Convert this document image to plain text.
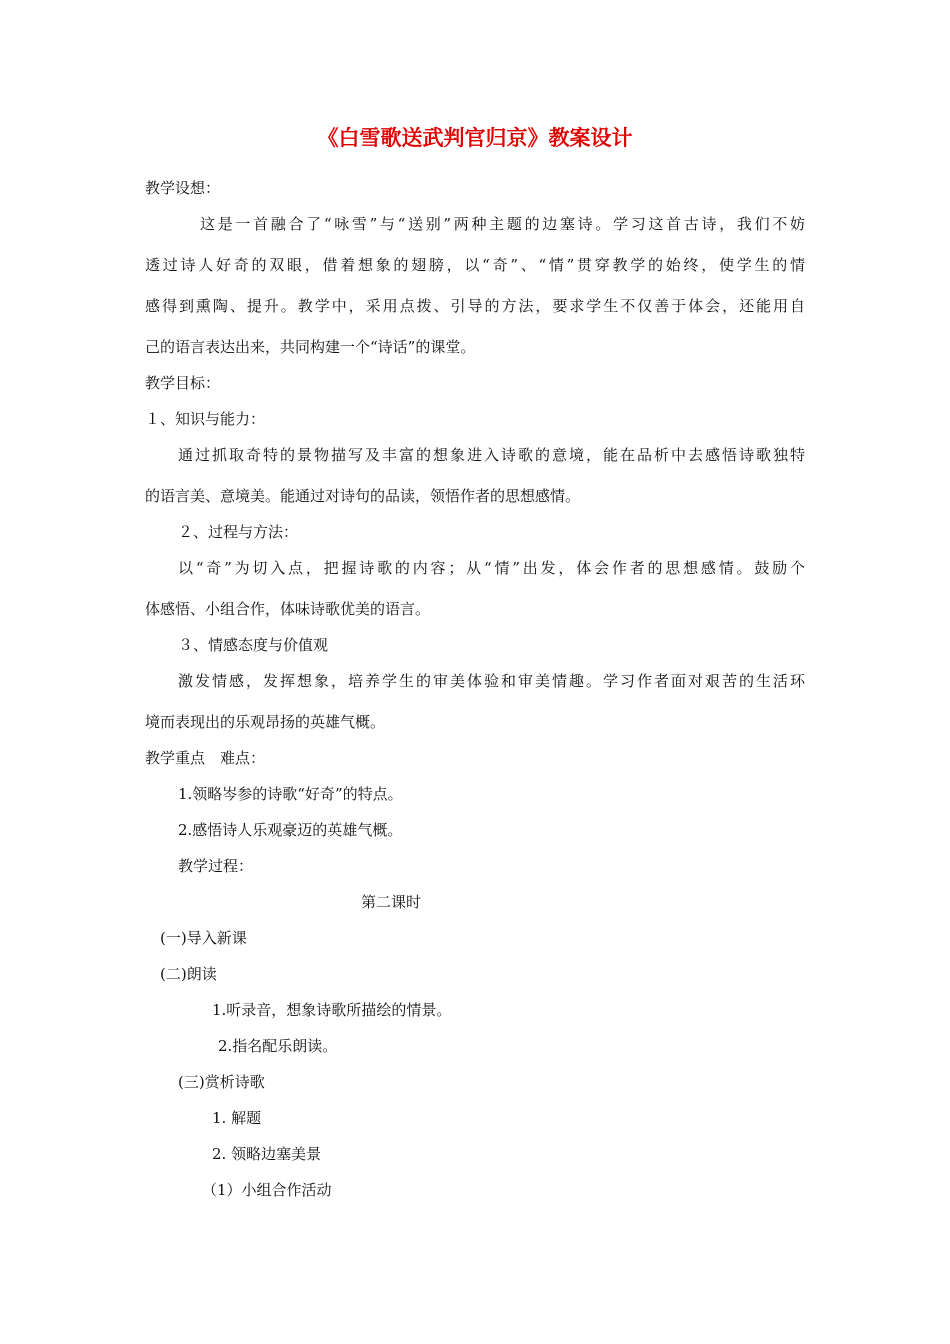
《白雪歌送武判官归京》教案设计
教学设想：
这是一首融合了“咏雪”与“送别”两种主题的边塞诗。学习这首古诗，我们不妨
透过诗人好奇的双眼，借着想象的翅膀，以“奇”、“情”贯穿教学的始终，使学生的情
感得到熏陶、提升。教学中，采用点拨、引导的方法，要求学生不仅善于体会，还能用自
己的语言表达出来，共同构建一个“诗话”的课堂。
教学目标：
１、知识与能力：
通过抓取奇特的景物描写及丰富的想象进入诗歌的意境，能在品析中去感悟诗歌独特
的语言美、意境美。能通过对诗句的品读，领悟作者的思想感情。
２、过程与方法：
以“奇”为切入点，把握诗歌的内容；从“情”出发，体会作者的思想感情。鼓励个
体感悟、小组合作，体味诗歌优美的语言。
３、情感态度与价值观
激发情感，发挥想象，培养学生的审美体验和审美情趣。学习作者面对艰苦的生活环
境而表现出的乐观昂扬的英雄气概。
教学重点　难点：
1.领略岑参的诗歌“好奇”的特点。
2.感悟诗人乐观豪迈的英雄气概。
教学过程：
第二课时
(一)导入新课
(二)朗读
1.听录音，想象诗歌所描绘的情景。
2.指名配乐朗读。
(三)赏析诗歌
1. 解题
2. 领略边塞美景
（1）小组合作活动
